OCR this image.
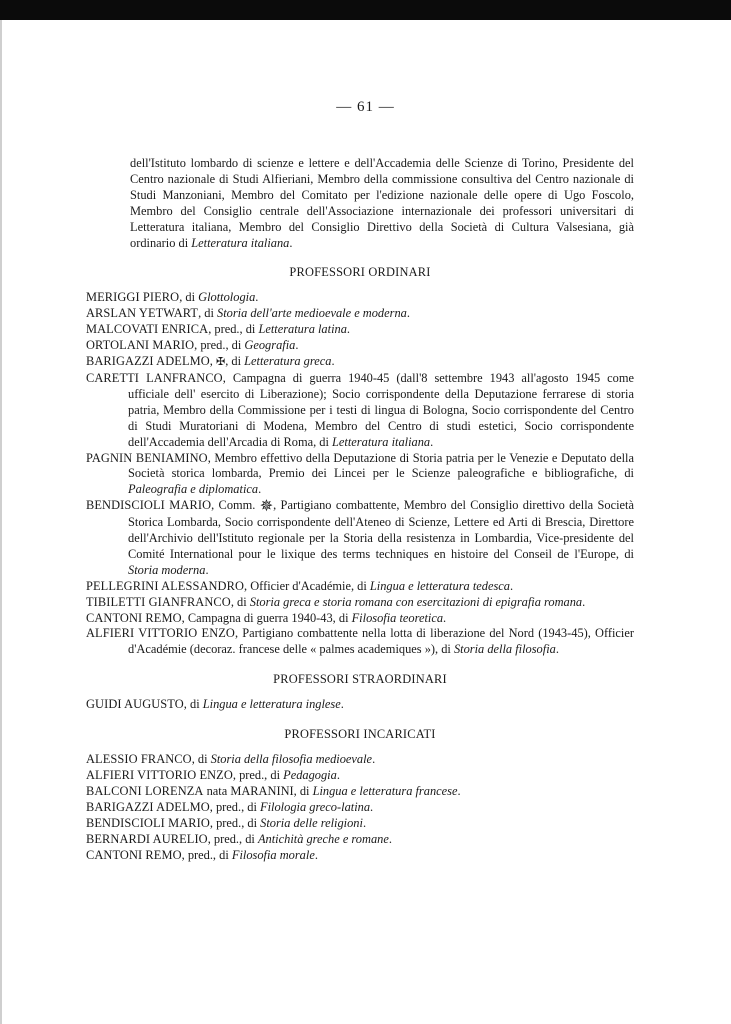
— 61 —

dell'Istituto lombardo di scienze e lettere e dell'Accademia delle Scienze di Torino, Presidente del Centro nazionale di Studi Alfieriani, Membro della commissione consultiva del Centro nazionale di Studi Manzoniani, Membro del Comitato per l'edizione nazionale delle opere di Ugo Foscolo, Membro del Consiglio centrale dell'Associazione internazionale dei professori universitari di Letteratura italiana, Membro del Consiglio Direttivo della Società di Cultura Valsesiana, già ordinario di Letteratura italiana.

PROFESSORI ORDINARI
MERIGGI PIERO, di Glottologia.
ARSLAN YETWART, di Storia dell'arte medioevale e moderna.
MALCOVATI ENRICA, pred., di Letteratura latina.
ORTOLANI MARIO, pred., di Geografia.
BARIGAZZI ADELMO, ✠, di Letteratura greca.
CARETTI LANFRANCO, Campagna di guerra 1940-45 (dall'8 settembre 1943 all'agosto 1945 come ufficiale dell' esercito di Liberazione); Socio corrispondente della Deputazione ferrarese di storia patria, Membro della Commissione per i testi di lingua di Bologna, Socio corrispondente del Centro di Studi Muratoriani di Modena, Membro del Centro di studi estetici, Socio corrispondente dell'Accademia dell'Arcadia di Roma, di Letteratura italiana.
PAGNIN BENIAMINO, Membro effettivo della Deputazione di Storia patria per le Venezie e Deputato della Società storica lombarda, Premio dei Lincei per le Scienze paleografiche e bibliografiche, di Paleografia e diplomatica.
BENDISCIOLI MARIO, Comm. ✵, Partigiano combattente, Membro del Consiglio direttivo della Società Storica Lombarda, Socio corrispondente dell'Ateneo di Scienze, Lettere ed Arti di Brescia, Direttore dell'Archivio dell'Istituto regionale per la Storia della resistenza in Lombardia, Vice-presidente del Comité International pour le lixique des terms techniques en histoire del Conseil de l'Europe, di Storia moderna.
PELLEGRINI ALESSANDRO, Officier d'Académie, di Lingua e letteratura tedesca.
TIBILETTI GIANFRANCO, di Storia greca e storia romana con esercitazioni di epigrafia romana.
CANTONI REMO, Campagna di guerra 1940-43, di Filosofia teoretica.
ALFIERI VITTORIO ENZO, Partigiano combattente nella lotta di liberazione del Nord (1943-45), Officier d'Académie (decoraz. francese delle « palmes academiques »), di Storia della filosofia.
PROFESSORI STRAORDINARI
GUIDI AUGUSTO, di Lingua e letteratura inglese.
PROFESSORI INCARICATI
ALESSIO FRANCO, di Storia della filosofia medioevale.
ALFIERI VITTORIO ENZO, pred., di Pedagogia.
BALCONI LORENZA nata MARANINI, di Lingua e letteratura francese.
BARIGAZZI ADELMO, pred., di Filologia greco-latina.
BENDISCIOLI MARIO, pred., di Storia delle religioni.
BERNARDI AURELIO, pred., di Antichità greche e romane.
CANTONI REMO, pred., di Filosofia morale.
